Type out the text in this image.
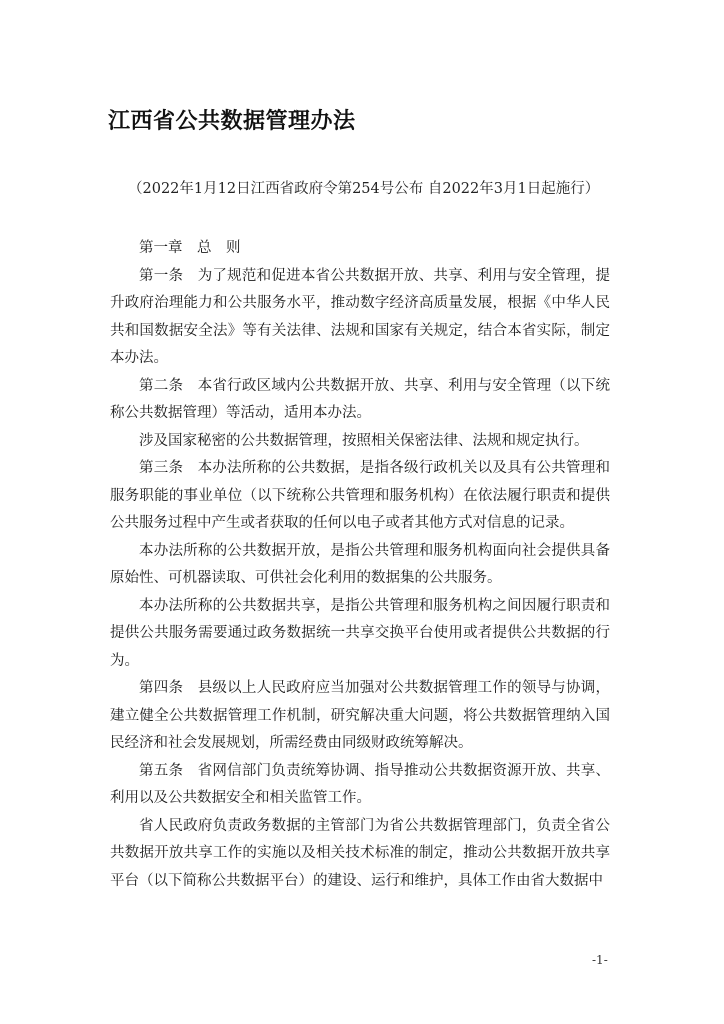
江西省公共数据管理办法
（2022年1月12日江西省政府令第254号公布 自2022年3月1日起施行）

第一章　总　则

第一条 为了规范和促进本省公共数据开放、共享、利用与安全管理，提升政府治理能力和公共服务水平，推动数字经济高质量发展，根据《中华人民共和国数据安全法》等有关法律、法规和国家有关规定，结合本省实际，制定本办法。

第二条 本省行政区域内公共数据开放、共享、利用与安全管理（以下统称公共数据管理）等活动，适用本办法。

涉及国家秘密的公共数据管理，按照相关保密法律、法规和规定执行。

第三条 本办法所称的公共数据，是指各级行政机关以及具有公共管理和服务职能的事业单位（以下统称公共管理和服务机构）在依法履行职责和提供公共服务过程中产生或者获取的任何以电子或者其他方式对信息的记录。

本办法所称的公共数据开放，是指公共管理和服务机构面向社会提供具备原始性、可机器读取、可供社会化利用的数据集的公共服务。

本办法所称的公共数据共享，是指公共管理和服务机构之间因履行职责和提供公共服务需要通过政务数据统一共享交换平台使用或者提供公共数据的行为。

第四条 县级以上人民政府应当加强对公共数据管理工作的领导与协调，建立健全公共数据管理工作机制，研究解决重大问题，将公共数据管理纳入国民经济和社会发展规划，所需经费由同级财政统筹解决。

第五条 省网信部门负责统筹协调、指导推动公共数据资源开放、共享、利用以及公共数据安全和相关监管工作。

省人民政府负责政务数据的主管部门为省公共数据管理部门，负责全省公共数据开放共享工作的实施以及相关技术标准的制定，推动公共数据开放共享平台（以下简称公共数据平台）的建设、运行和维护，具体工作由省大数据中

-1-
